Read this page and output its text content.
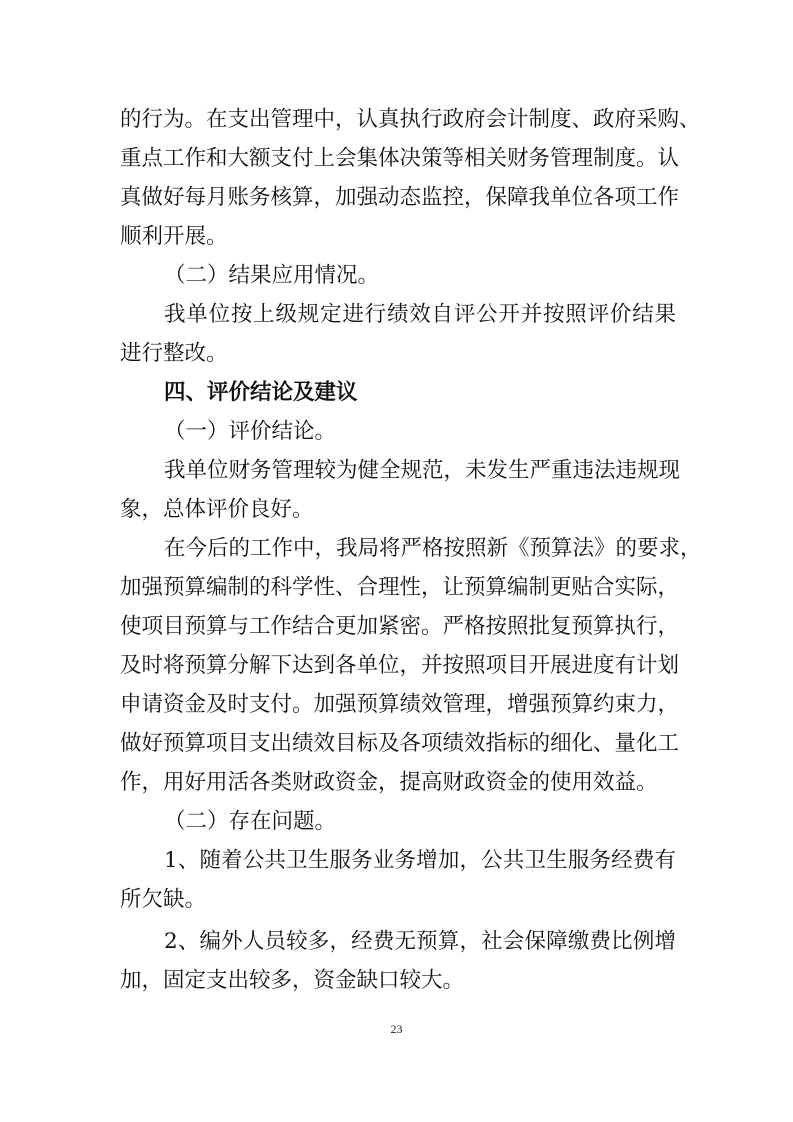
的行为。在支出管理中，认真执行政府会计制度、政府采购、
重点工作和大额支付上会集体决策等相关财务管理制度。认
真做好每月账务核算，加强动态监控，保障我单位各项工作
顺利开展。
（二）结果应用情况。
我单位按上级规定进行绩效自评公开并按照评价结果
进行整改。
四、评价结论及建议
（一）评价结论。
我单位财务管理较为健全规范，未发生严重违法违规现
象，总体评价良好。
在今后的工作中，我局将严格按照新《预算法》的要求，
加强预算编制的科学性、合理性，让预算编制更贴合实际，
使项目预算与工作结合更加紧密。严格按照批复预算执行，
及时将预算分解下达到各单位，并按照项目开展进度有计划
申请资金及时支付。加强预算绩效管理，增强预算约束力，
做好预算项目支出绩效目标及各项绩效指标的细化、量化工
作，用好用活各类财政资金，提高财政资金的使用效益。
（二）存在问题。
1、随着公共卫生服务业务增加，公共卫生服务经费有
所欠缺。
2、编外人员较多，经费无预算，社会保障缴费比例增
加，固定支出较多，资金缺口较大。
23
